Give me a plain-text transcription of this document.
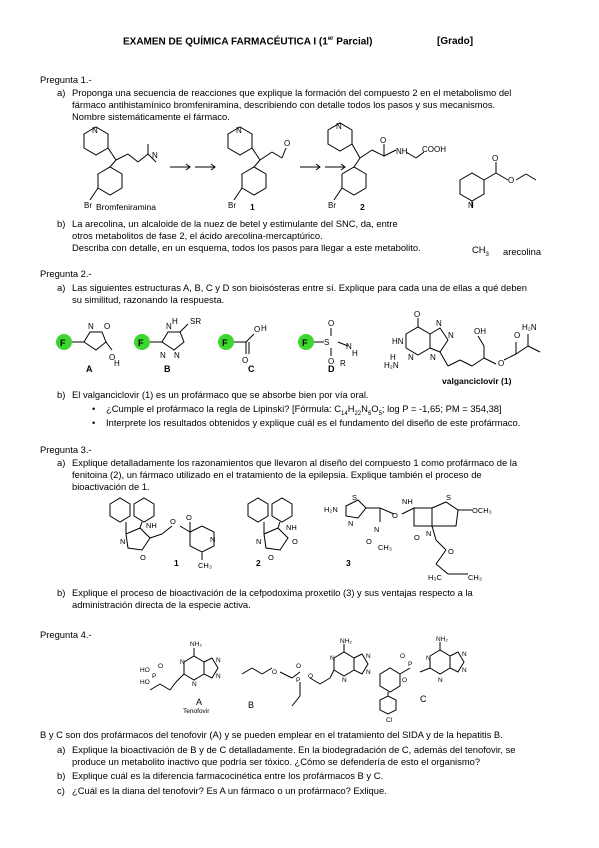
EXAMEN DE QUÍMICA FARMACÉUTICA I (1er Parcial)	[Grado]
Pregunta 1.-
a) Proponga una secuencia de reacciones que explique la formación del compuesto 2 en el metabolismo del
fármaco antihistamínico bromfeniramina, describiendo con detalle todos los pasos y sus mecanismos.
Nombre sistemáticamente el fármaco.
N
N
Br
N
O
Br
N
O
NH COOH
Br	N
O
O
Bromfeniramina	1	2
b) La arecolina, un alcaloide de la nuez de betel y estimulante del SNC, da, entre
otros metabolitos de fase 2, el ácido arecolina-mercaptúrico.
Describa con detalle, en un esquema, todos los pasos para llegar a este metabolito.	$CH_3$ arecolina
Pregunta 2.-
a) Las siguientes estructuras A, B, C y D son bioisósteras entre sí. Explique para cada una de ellas a qué deben
su similitud, razonando la respuesta.
F	F	F	F
N O
O
H
N
H SR
N N
O H
O
S
O
O
N
H
R
O
HN
H
H₂N
N
N
N N
OH
O
O
H₂N
A	B	C	D
valganciclovir (1)
b) El valganciclovir (1) es un profármaco que se absorbe bien por vía oral.
• ¿Cumple el profármaco la regla de Lipinski? [Fórmula: $C_{14}H_{22}N_6O_5$; log P = -1,65; PM = 354,38]
• Interprete los resultados obtenidos y explique cuál es el fundamento del diseño de este profármaco.
Pregunta 3.-
a) Explique detalladamente los razonamientos que llevaron al diseño del compuesto 1 como profármaco de la
fenitoina (2), un fármaco utilizado en el tratamiento de la epilepsia. Explique también el proceso de
bioactivación de 1.
N
O
NH O O
CH₃
N	N
NH
O
O
H₂N
S
N
N
O
CH₃
O
NH	S
OCH₃
N
O
O
H₃C	CH₃
1	2	3
b) Explique el proceso de bioactivación de la cefpodoxima proxetilo (3) y sus ventajas respecto a la
administración directa de la especie activa.
Pregunta 4.-
NH₂
N
N
N
N
HO
P
HO
O
NH₂
N
N
N
N
O
P
O
O
NH₂
N
N
N
N
P
O
O
Cl
A
Tenofovir
B
C
B y C son dos profármacos del tenofovir (A) y se pueden emplear en el tratamiento del SIDA y de la hepatitis B.
a) Explique la bioactivación de B y de C detalladamente. En la biodegradación de C, además del tenofovir, se
produce un metabolito inactivo que podría ser tóxico. ¿Cómo se defendería de esto el organismo?
b) Explique cuál es la diferencia farmacocinética entre los profármacos B y C.
c) ¿Cuál es la diana del tenofovir? Es A un fármaco o un profármaco? Exlique.
